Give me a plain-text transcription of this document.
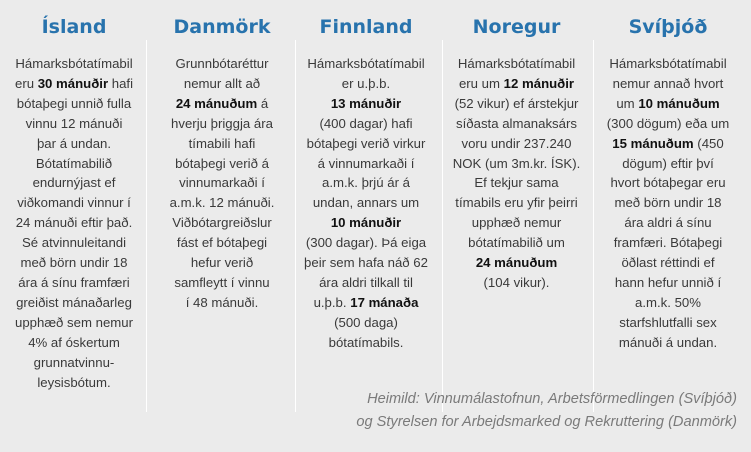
Ísland
Hámarksbótatímabil
eru 30 mánuðir hafi
bótaþegi unnið fulla
vinnu 12 mánuði
þar á undan.
Bótatímabilið
endurnýjast ef
viðkomandi vinnur í
24 mánuði eftir það.
Sé atvinnuleitandi
með börn undir 18
ára á sínu framfæri
greiðist mánaðarleg
upphæð sem nemur
4% af óskertum
grunnatvinnu-
leysisbótum.
Danmörk
Grunnbótaréttur
nemur allt að
24 mánuðum á
hverju þriggja ára
tímabili hafi
bótaþegi verið á
vinnumarkaði í
a.m.k. 12 mánuði.
Viðbótargreiðslur
fást ef bótaþegi
hefur verið
samfleytt í vinnu
í 48 mánuði.
Finnland
Hámarksbótatímabil
er u.þ.b.
13 mánuðir
(400 dagar) hafi
bótaþegi verið virkur
á vinnumarkaði í
a.m.k. þrjú ár á
undan, annars um
10 mánuðir
(300 dagar). Þá eiga
þeir sem hafa náð 62
ára aldri tilkall til
u.þ.b. 17 mánaða
(500 daga)
bótatímabils.
Noregur
Hámarksbótatímabil
eru um 12 mánuðir
(52 vikur) ef árstekjur
síðasta almanaksárs
voru undir 237.240
NOK (um 3m.kr. ÍSK).
Ef tekjur sama
tímabils eru yfir þeirri
upphæð nemur
bótatímabilið um
24 mánuðum
(104 vikur).
Svíþjóð
Hámarksbótatímabil
nemur annað hvort
um 10 mánuðum
(300 dögum) eða um
15 mánuðum (450
dögum) eftir því
hvort bótaþegar eru
með börn undir 18
ára aldri á sínu
framfæri. Bótaþegi
öðlast réttindi ef
hann hefur unnið í
a.m.k. 50%
starfshlutfalli sex
mánuði á undan.
Heimild: Vinnumálastofnun, Arbetsförmedlingen (Svíþjóð)
og Styrelsen for Arbejdsmarked og Rekruttering (Danmörk)
